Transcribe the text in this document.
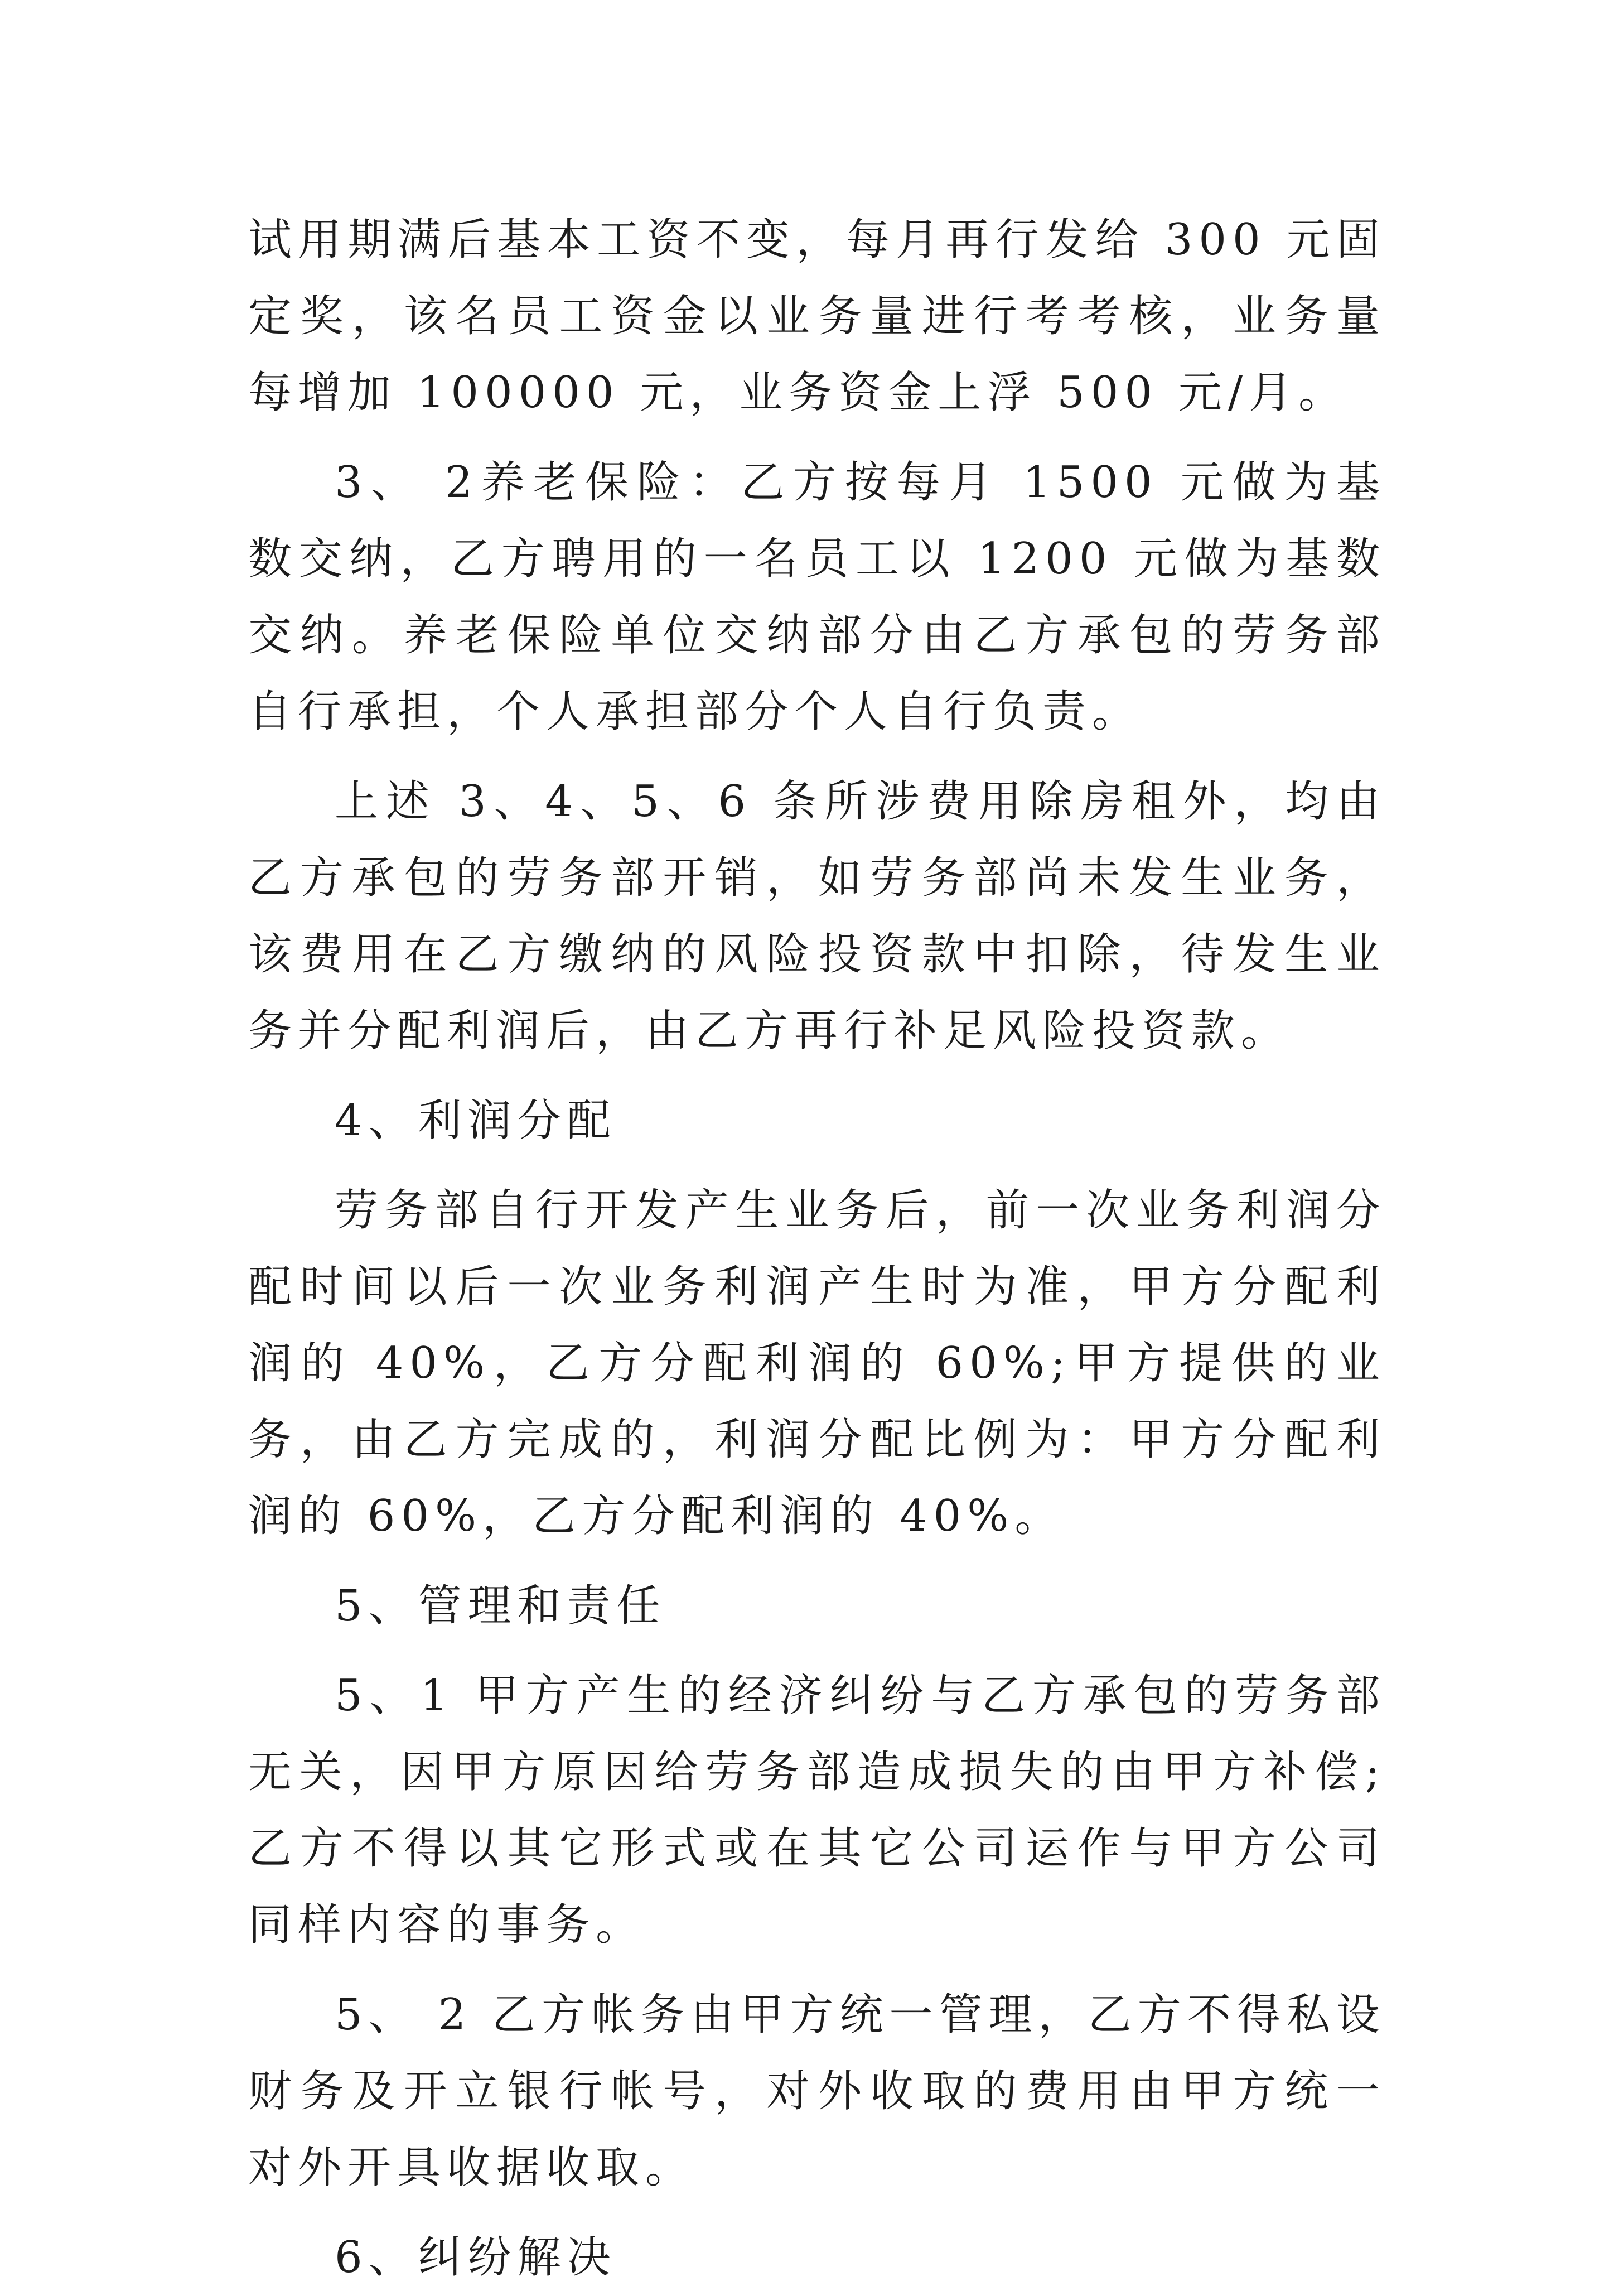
试用期满后基本工资不变，每月再行发给 300 元固定奖，该名员工资金以业务量进行考考核，业务量每增加 100000 元，业务资金上浮 500 元/月。

3、 2养老保险：乙方按每月 1500 元做为基数交纳，乙方聘用的一名员工以 1200 元做为基数交纳。养老保险单位交纳部分由乙方承包的劳务部自行承担，个人承担部分个人自行负责。

上述 3、4、5、6 条所涉费用除房租外，均由乙方承包的劳务部开销，如劳务部尚未发生业务，该费用在乙方缴纳的风险投资款中扣除，待发生业务并分配利润后，由乙方再行补足风险投资款。

4、利润分配

劳务部自行开发产生业务后，前一次业务利润分配时间以后一次业务利润产生时为准，甲方分配利润的 40%，乙方分配利润的 60%;甲方提供的业务，由乙方完成的，利润分配比例为：甲方分配利润的 60%，乙方分配利润的 40%。

5、管理和责任

5、1 甲方产生的经济纠纷与乙方承包的劳务部无关，因甲方原因给劳务部造成损失的由甲方补偿;乙方不得以其它形式或在其它公司运作与甲方公司同样内容的事务。

5、 2 乙方帐务由甲方统一管理，乙方不得私设财务及开立银行帐号，对外收取的费用由甲方统一对外开具收据收取。

6、纠纷解决
